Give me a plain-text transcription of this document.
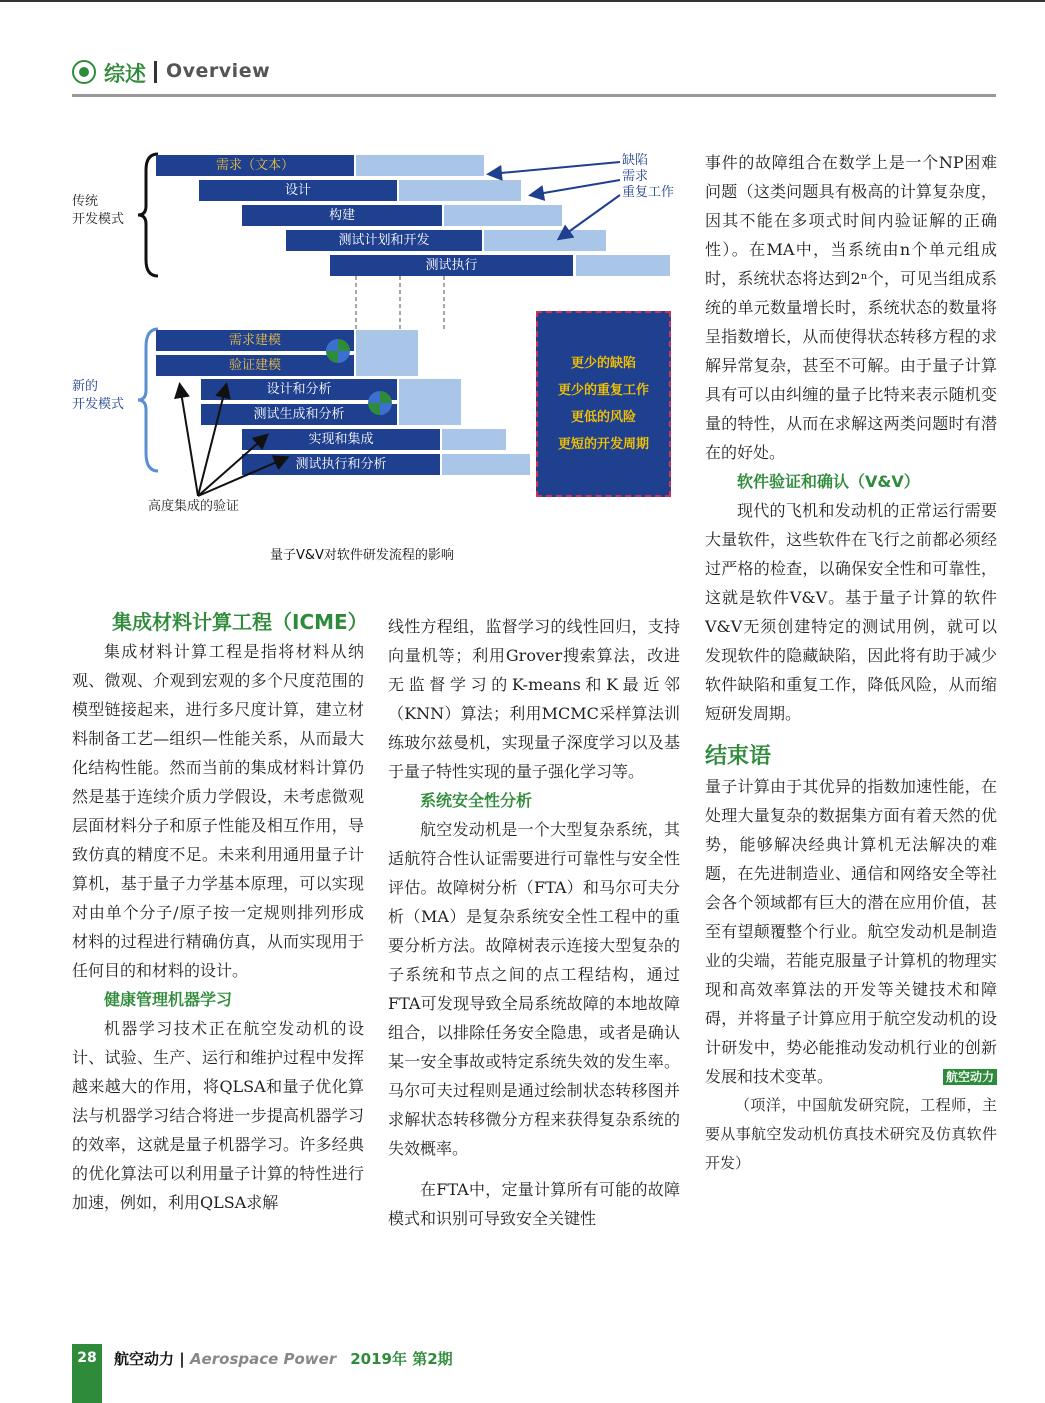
综述 Overview
传统
开发模式
需求（文本）
设计
构建
测试计划和开发
测试执行
缺陷
需求
重复工作
新的
开发模式
需求建模
验证建模
设计和分析
测试生成和分析
实现和集成
测试执行和分析
更少的缺陷
更少的重复工作
更低的风险
更短的开发周期
高度集成的验证
量子V&V对软件研发流程的影响
集成材料计算工程（ICME）

集成材料计算工程是指将材料从纳观、微观、介观到宏观的多个尺度范围的模型链接起来，进行多尺度计算，建立材料制备工艺—组织—性能关系，从而最大化结构性能。然而当前的集成材料计算仍然是基于连续介质力学假设，未考虑微观层面材料分子和原子性能及相互作用，导致仿真的精度不足。未来利用通用量子计算机，基于量子力学基本原理，可以实现对由单个分子/原子按一定规则排列形成材料的过程进行精确仿真，从而实现用于任何目的和材料的设计。

健康管理机器学习

机器学习技术正在航空发动机的设计、试验、生产、运行和维护过程中发挥越来越大的作用，将QLSA和量子优化算法与机器学习结合将进一步提高机器学习的效率，这就是量子机器学习。许多经典的优化算法可以利用量子计算的特性进行加速，例如，利用QLSA求解

线性方程组，监督学习的线性回归，支持向量机等；利用Grover搜索算法，改进无监督学习的K-means和K最近邻（KNN）算法；利用MCMC采样算法训练玻尔兹曼机，实现量子深度学习以及基于量子特性实现的量子强化学习等。

系统安全性分析

航空发动机是一个大型复杂系统，其适航符合性认证需要进行可靠性与安全性评估。故障树分析（FTA）和马尔可夫分析（MA）是复杂系统安全性工程中的重要分析方法。故障树表示连接大型复杂的子系统和节点之间的点工程结构，通过FTA可发现导致全局系统故障的本地故障组合，以排除任务安全隐患，或者是确认某一安全事故或特定系统失效的发生率。马尔可夫过程则是通过绘制状态转移图并求解状态转移微分方程来获得复杂系统的失效概率。

在FTA中，定量计算所有可能的故障模式和识别可导致安全关键性

事件的故障组合在数学上是一个NP困难问题（这类问题具有极高的计算复杂度，因其不能在多项式时间内验证解的正确性）。在MA中，当系统由n个单元组成时，系统状态将达到2ⁿ个，可见当组成系统的单元数量增长时，系统状态的数量将呈指数增长，从而使得状态转移方程的求解异常复杂，甚至不可解。由于量子计算具有可以由纠缠的量子比特来表示随机变量的特性，从而在求解这两类问题时有潜在的好处。

软件验证和确认（V&V）

现代的飞机和发动机的正常运行需要大量软件，这些软件在飞行之前都必须经过严格的检查，以确保安全性和可靠性，这就是软件V&V。基于量子计算的软件V&V无须创建特定的测试用例，就可以发现软件的隐藏缺陷，因此将有助于减少软件缺陷和重复工作，降低风险，从而缩短研发周期。

结束语

量子计算由于其优异的指数加速性能，在处理大量复杂的数据集方面有着天然的优势，能够解决经典计算机无法解决的难题，在先进制造业、通信和网络安全等社会各个领域都有巨大的潜在应用价值，甚至有望颠覆整个行业。航空发动机是制造业的尖端，若能克服量子计算机的物理实现和高效率算法的开发等关键技术和障碍，并将量子计算应用于航空发动机的设计研发中，势必能推动发动机行业的创新发展和技术变革。	航空动力

（项洋，中国航发研究院，工程师，主要从事航空发动机仿真技术研究及仿真软件开发）

28	航空动力 | Aerospace Power 2019年 第2期
